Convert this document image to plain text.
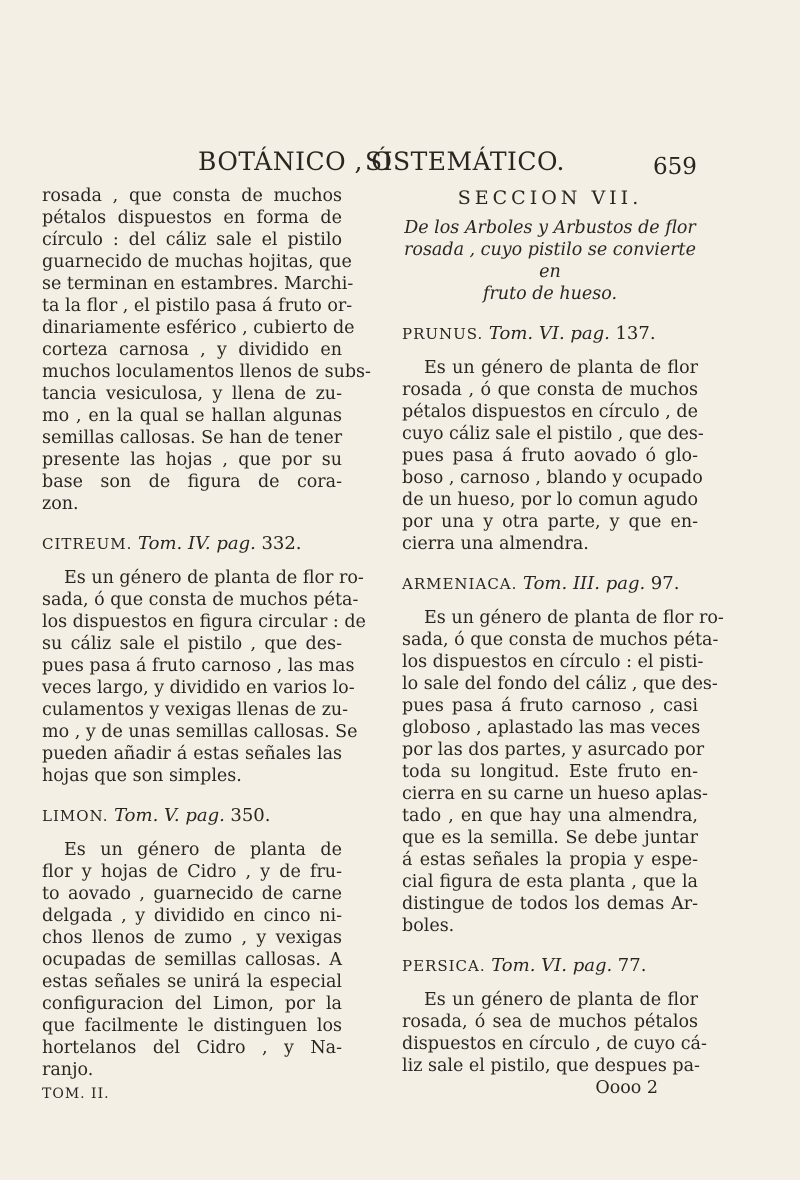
BOTÁNICO , Ó
SISTEMÁTICO.	659

rosada , que consta de muchos
pétalos dispuestos en forma de
círculo : del cáliz sale el pistilo
guarnecido de muchas hojitas, que
se terminan en estambres. Marchi-
ta la flor , el pistilo pasa á fruto or-
dinariamente esférico , cubierto de
corteza carnosa , y dividido en
muchos loculamentos llenos de subs-
tancia vesiculosa, y llena de zu-
mo , en la qual se hallan algunas
semillas callosas. Se han de tener
presente las hojas , que por su
base son de figura de cora-
zon.

CITREUM. Tom. IV. pag. 332.

Es un género de planta de flor ro-
sada, ó que consta de muchos péta-
los dispuestos en figura circular : de
su cáliz sale el pistilo , que des-
pues pasa á fruto carnoso , las mas
veces largo, y dividido en varios lo-
culamentos y vexigas llenas de zu-
mo , y de unas semillas callosas. Se
pueden añadir á estas señales las
hojas que son simples.

LIMON. Tom. V. pag. 350.

Es un género de planta de
flor y hojas de Cidro , y de fru-
to aovado , guarnecido de carne
delgada , y dividido en cinco ni-
chos llenos de zumo , y vexigas
ocupadas de semillas callosas. A
estas señales se unirá la especial
configuracion del Limon, por la
que facilmente le distinguen los
hortelanos del Cidro , y Na-
ranjo.

TOM. II.
SECCION VII.
De los Arboles y Arbustos de flor
rosada , cuyo pistilo se convierte en
fruto de hueso.
PRUNUS. Tom. VI. pag. 137.

Es un género de planta de flor
rosada , ó que consta de muchos
pétalos dispuestos en círculo , de
cuyo cáliz sale el pistilo , que des-
pues pasa á fruto aovado ó glo-
boso , carnoso , blando y ocupado
de un hueso, por lo comun agudo
por una y otra parte, y que en-
cierra una almendra.

ARMENIACA. Tom. III. pag. 97.

Es un género de planta de flor ro-
sada, ó que consta de muchos péta-
los dispuestos en círculo : el pisti-
lo sale del fondo del cáliz , que des-
pues pasa á fruto carnoso , casi
globoso , aplastado las mas veces
por las dos partes, y asurcado por
toda su longitud. Este fruto en-
cierra en su carne un hueso aplas-
tado , en que hay una almendra,
que es la semilla. Se debe juntar
á estas señales la propia y espe-
cial figura de esta planta , que la
distingue de todos los demas Ar-
boles.

PERSICA. Tom. VI. pag. 77.

Es un género de planta de flor
rosada, ó sea de muchos pétalos
dispuestos en círculo , de cuyo cá-
liz sale el pistilo, que despues pa-

Oooo 2
